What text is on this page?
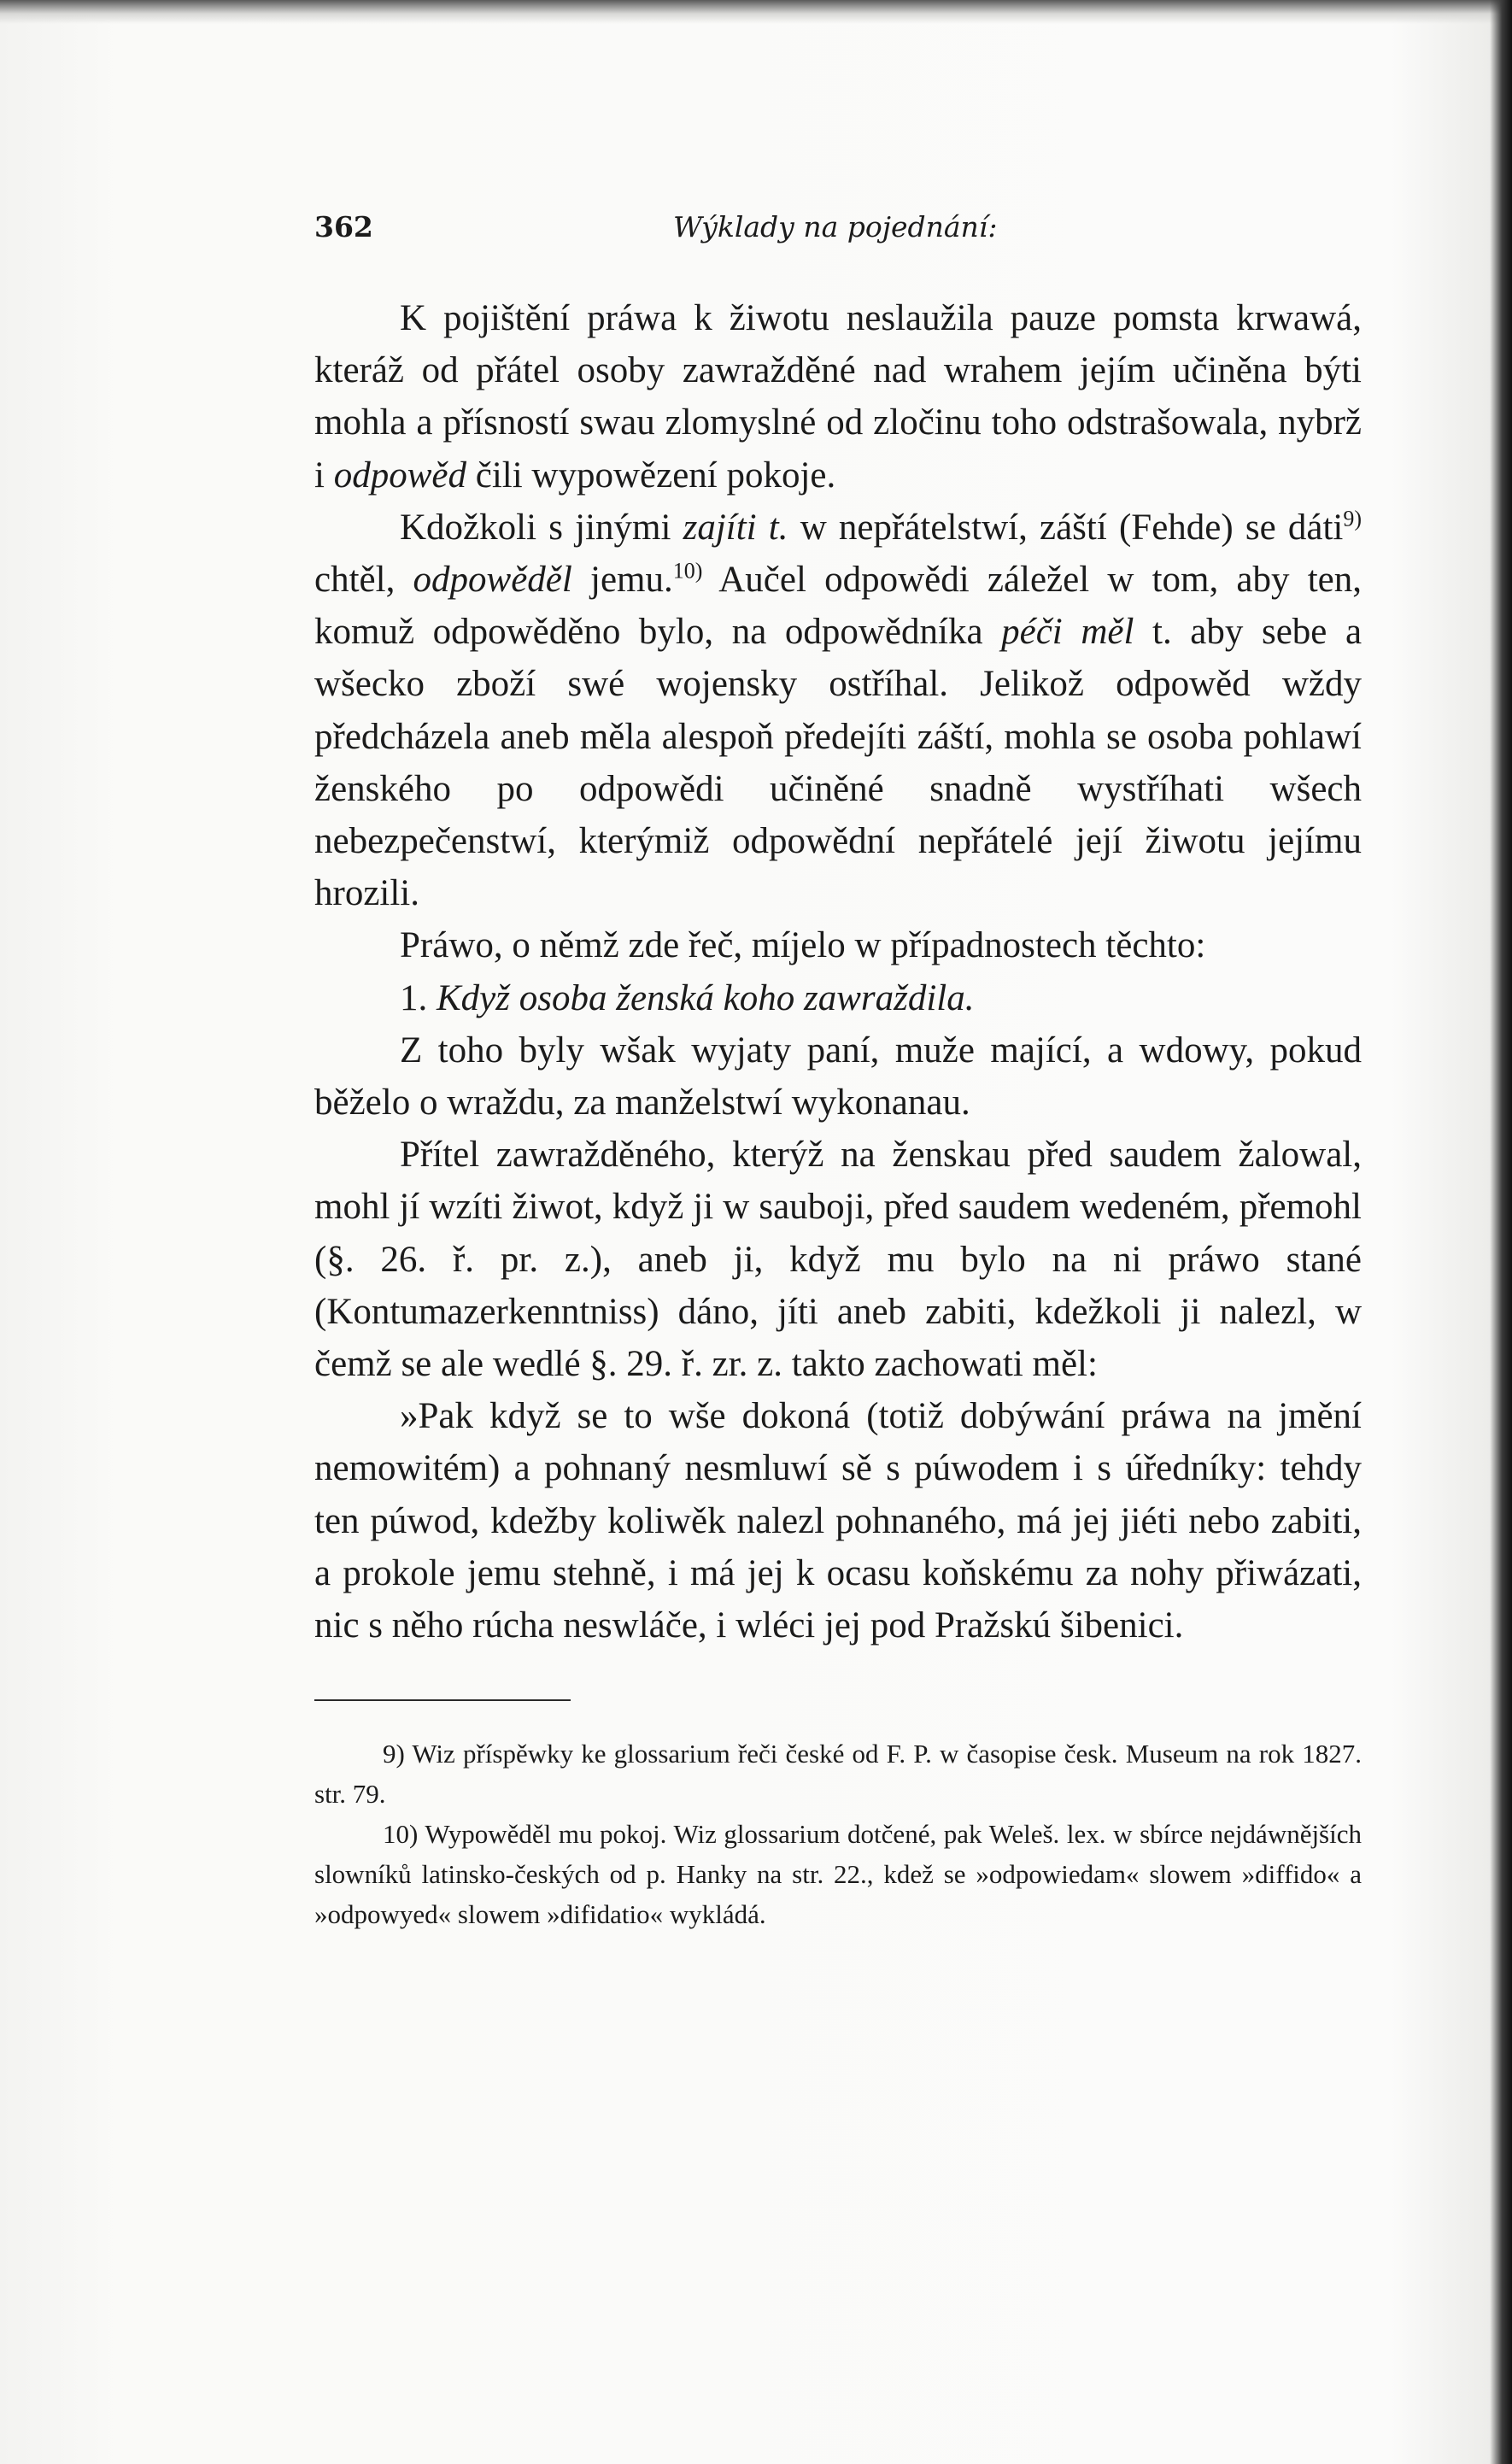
362	Wýklady na pojednání:

K pojištění práwa k žiwotu neslaužila pauze pomsta krwawá, kteráž od přátel osoby zawražděné nad wrahem jejím učiněna býti mohla a přísností swau zlomyslné od zločinu toho odstrašowala, nybrž i odpowěd čili wypowězení pokoje.

Kdožkoli s jinými zajíti t. w nepřátelstwí, záští (Fehde) se dáti$^{9)}$ chtěl, odpowěděl jemu.$^{10)}$ Aučel odpowědi záležel w tom, aby ten, komuž odpowěděno bylo, na odpowědníka péči měl t. aby sebe a wšecko zboží swé wojensky ostříhal. Jelikož odpowěd wždy předcházela aneb měla alespoň předejíti záští, mohla se osoba pohlawí ženského po odpowědi učiněné snadně wystříhati wšech nebezpečenstwí, kterýmiž odpowědní nepřátelé její žiwotu jejímu hrozili.

Práwo, o němž zde řeč, míjelo w případnostech těchto:

1. Když osoba ženská koho zawraždila.

Z toho byly wšak wyjaty paní, muže mající, a wdowy, pokud běželo o wraždu, za manželstwí wykonanau.

Přítel zawražděného, kterýž na ženskau před saudem žalowal, mohl jí wzíti žiwot, když ji w sauboji, před saudem wedeném, přemohl (§. 26. ř. pr. z.), aneb ji, když mu bylo na ni práwo stané (Kontumazerkenntniss) dáno, jíti aneb zabiti, kdežkoli ji nalezl, w čemž se ale wedlé §. 29. ř. zr. z. takto zachowati měl:

»Pak když se to wše dokoná (totiž dobýwání práwa na jmění nemowitém) a pohnaný nesmluwí sě s púwodem i s úředníky: tehdy ten púwod, kdežby koliwěk nalezl pohnaného, má jej jiéti nebo zabiti, a prokole jemu stehně, i má jej k ocasu koňskému za nohy přiwázati, nic s něho rúcha neswláče, i wléci jej pod Pražskú šibenici.

9) Wiz příspěwky ke glossarium řeči české od F. P. w časopise česk. Museum na rok 1827. str. 79.

10) Wypowěděl mu pokoj. Wiz glossarium dotčené, pak Weleš. lex. w sbírce nejdáwnějších slowníků latinsko-českých od p. Hanky na str. 22., kdež se »odpowiedam« slowem »diffido« a »odpowyed« slowem »difidatio« wykládá.
